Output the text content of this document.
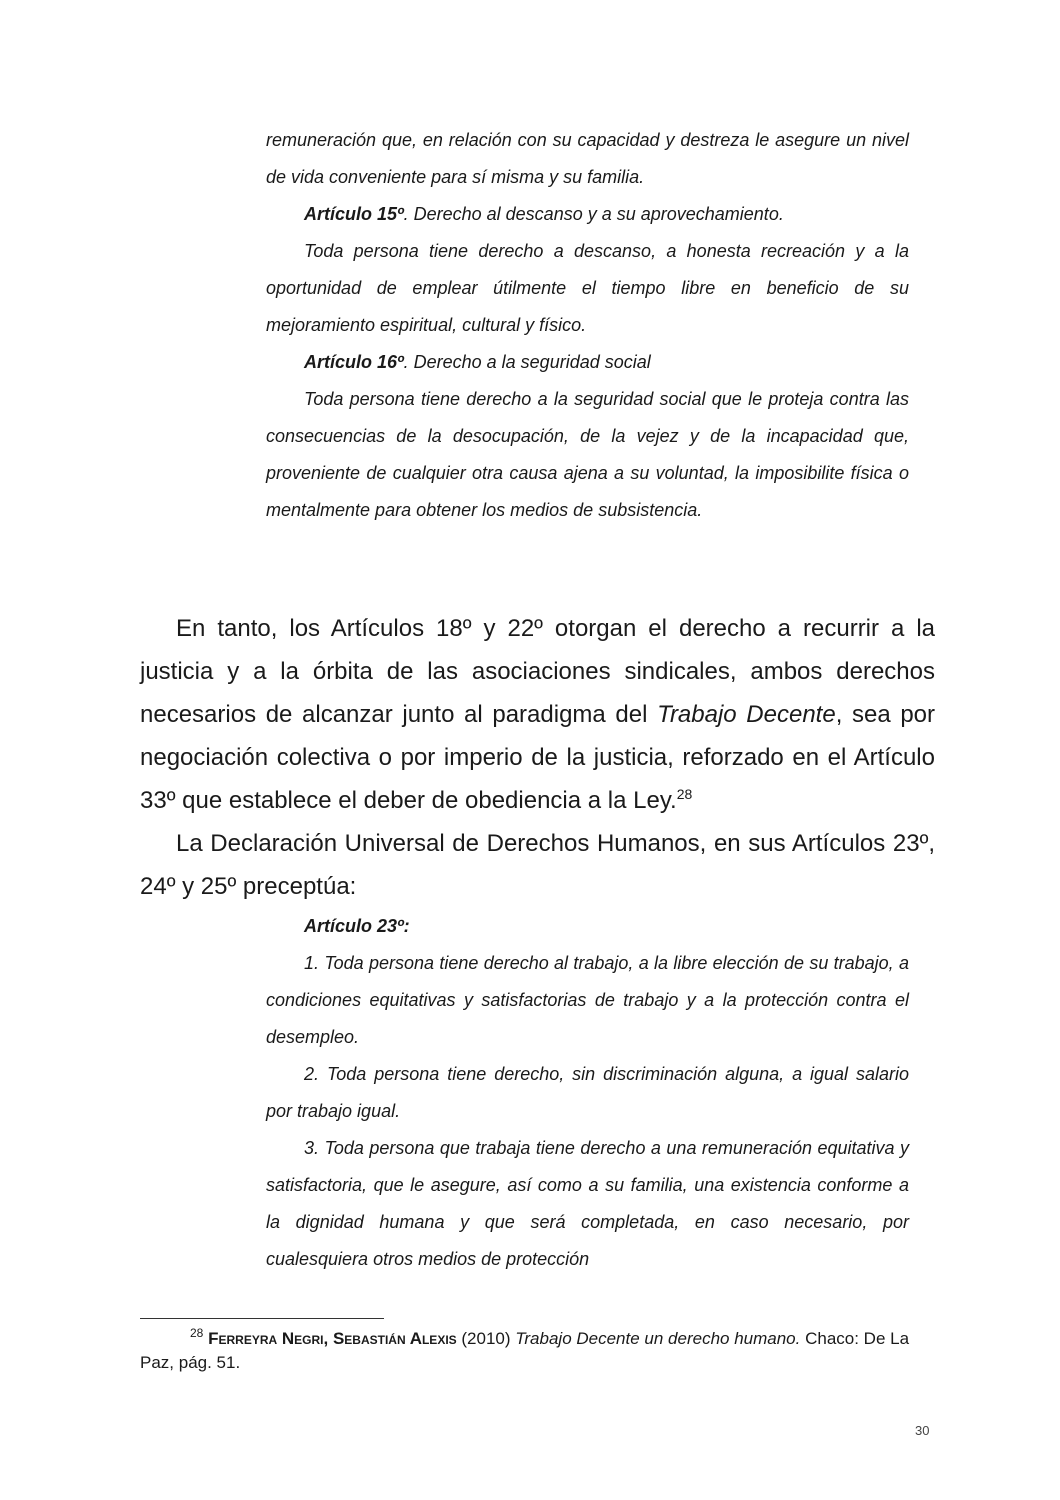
remuneración que, en relación con su capacidad y destreza le asegure un nivel de vida conveniente para sí misma y su familia.

Artículo 15º. Derecho al descanso y a su aprovechamiento.

Toda persona tiene derecho a descanso, a honesta recreación y a la oportunidad de emplear útilmente el tiempo libre en beneficio de su mejoramiento espiritual, cultural y físico.

Artículo 16º. Derecho a la seguridad social

Toda persona tiene derecho a la seguridad social que le proteja contra las consecuencias de la desocupación, de la vejez y de la incapacidad que, proveniente de cualquier otra causa ajena a su voluntad, la imposibilite física o mentalmente para obtener los medios de subsistencia.

En tanto, los Artículos 18º y 22º otorgan el derecho a recurrir a la justicia y a la órbita de las asociaciones sindicales, ambos derechos necesarios de alcanzar junto al paradigma del Trabajo Decente, sea por negociación colectiva o por imperio de la justicia, reforzado en el Artículo 33º que establece el deber de obediencia a la Ley.$^{28}$

La Declaración Universal de Derechos Humanos, en sus Artículos 23º, 24º y 25º preceptúa:

Artículo 23º:

1. Toda persona tiene derecho al trabajo, a la libre elección de su trabajo, a condiciones equitativas y satisfactorias de trabajo y a la protección contra el desempleo.

2. Toda persona tiene derecho, sin discriminación alguna, a igual salario por trabajo igual.

3. Toda persona que trabaja tiene derecho a una remuneración equitativa y satisfactoria, que le asegure, así como a su familia, una existencia conforme a la dignidad humana y que será completada, en caso necesario, por cualesquiera otros medios de protección

$^{28}$ Ferreyra Negri, Sebastián Alexis (2010) Trabajo Decente un derecho humano. Chaco: De La Paz, pág. 51.
30
